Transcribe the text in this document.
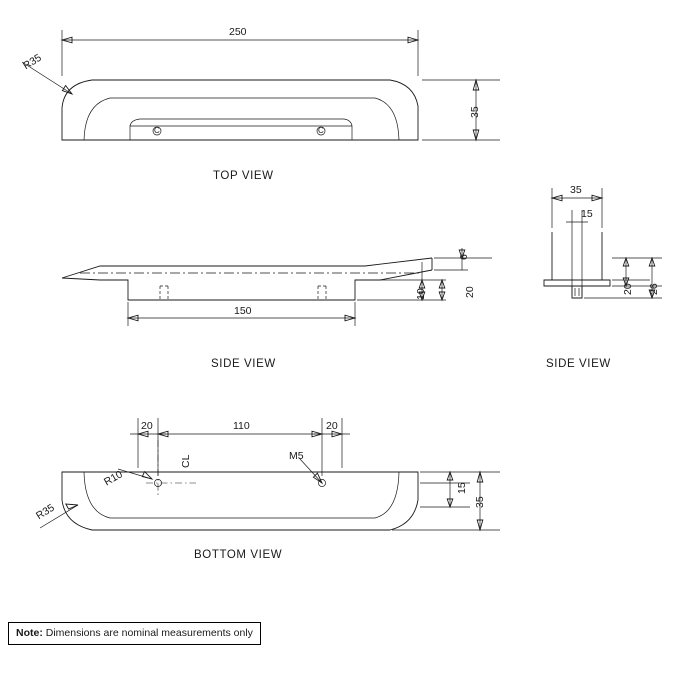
250
R35
35
C	C
TOP VIEW
150
6
20
10
SIDE VIEW
35
15
20 26
SIDE VIEW
20	110	20
CL	M5
R10
R35
15
35
BOTTOM VIEW
Note: Dimensions are nominal measurements only
